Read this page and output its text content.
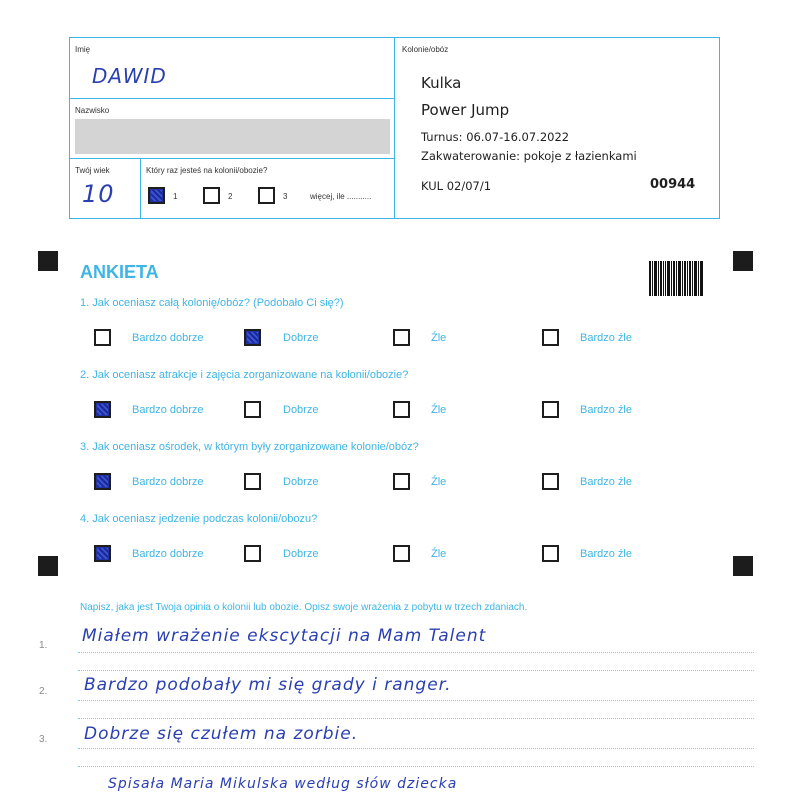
Imię
DAWID
Nazwisko
Twój wiek
10
Który raz jesteś na kolonii/obozie?
1	2	3	więcej, ile ...........
Kolonie/obóz
Kulka
Power Jump
Turnus: 06.07-16.07.2022
Zakwaterowanie: pokoje z łazienkami
KUL 02/07/1	00944
ANKIETA
1. Jak oceniasz całą kolonię/obóz? (Podobało Ci się?)
Bardzo dobrze	Dobrze	Źle	Bardzo źle
2. Jak oceniasz atrakcje i zajęcia zorganizowane na kolonii/obozie?
Bardzo dobrze	Dobrze	Źle	Bardzo źle
3. Jak oceniasz ośrodek, w którym były zorganizowane kolonie/obóz?
Bardzo dobrze	Dobrze	Źle	Bardzo źle
4. Jak oceniasz jedzenie podczas kolonii/obozu?
Bardzo dobrze	Dobrze	Źle	Bardzo źle
Napisz, jaka jest Twoja opinia o kolonii lub obozie. Opisz swoje wrażenia z pobytu w trzech zdaniach.
1. Miałem wrażenie ekscytacji na Mam Talent
2. Bardzo podobały mi się grady i ranger.
3. Dobrze się czułem na zorbie.
Spisała Maria Mikulska według słów dziecka
